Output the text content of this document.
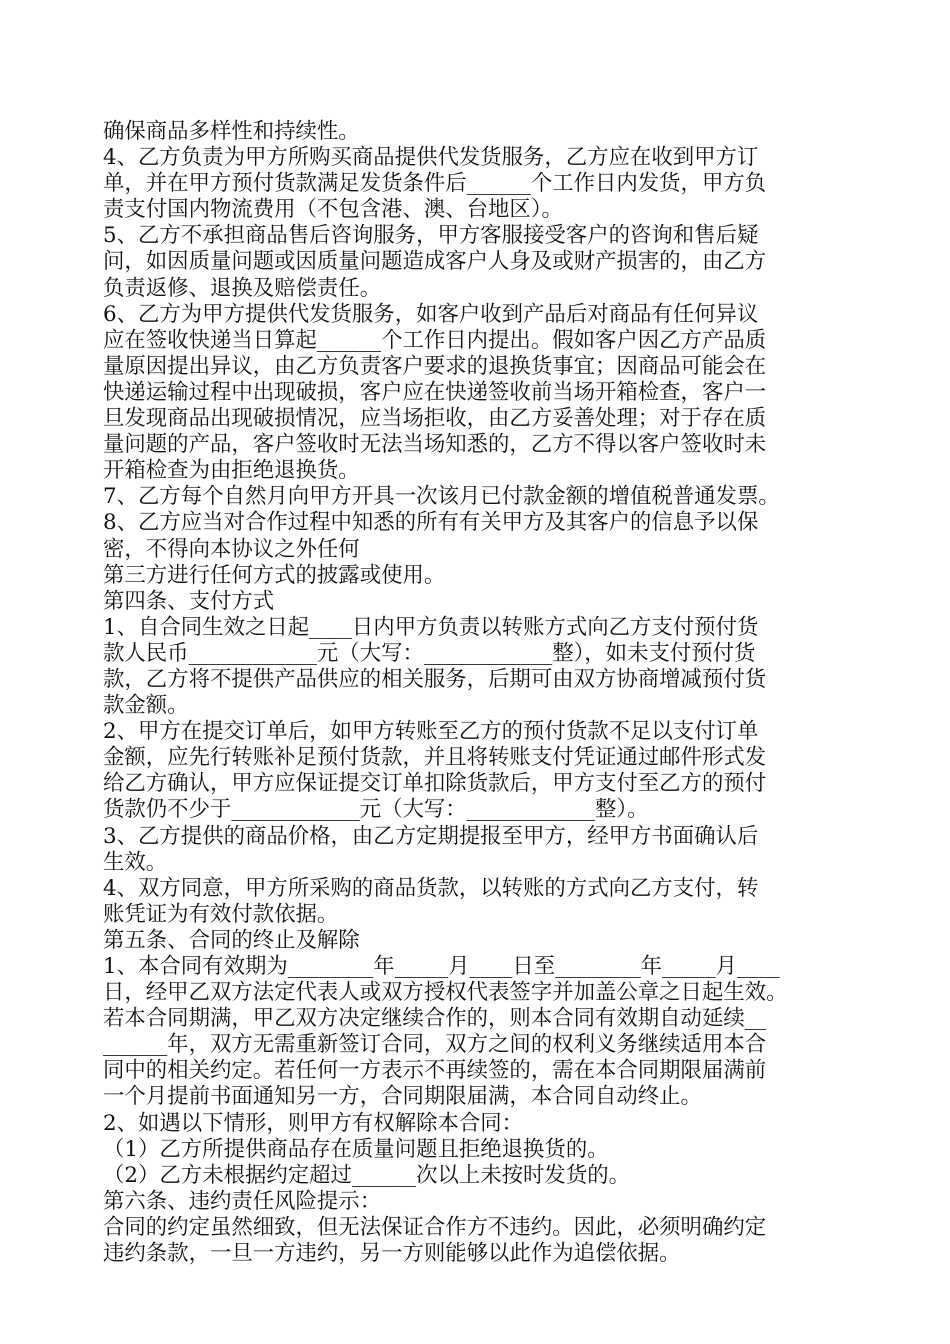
确保商品多样性和持续性。
4、乙方负责为甲方所购买商品提供代发货服务，乙方应在收到甲方订
单，并在甲方预付货款满足发货条件后______个工作日内发货，甲方负
责支付国内物流费用（不包含港、澳、台地区）。
5、乙方不承担商品售后咨询服务，甲方客服接受客户的咨询和售后疑
问，如因质量问题或因质量问题造成客户人身及或财产损害的，由乙方
负责返修、退换及赔偿责任。
6、乙方为甲方提供代发货服务，如客户收到产品后对商品有任何异议
应在签收快递当日算起______个工作日内提出。假如客户因乙方产品质
量原因提出异议，由乙方负责客户要求的退换货事宜；因商品可能会在
快递运输过程中出现破损，客户应在快递签收前当场开箱检查，客户一
旦发现商品出现破损情况，应当场拒收，由乙方妥善处理；对于存在质
量问题的产品，客户签收时无法当场知悉的，乙方不得以客户签收时未
开箱检查为由拒绝退换货。
7、乙方每个自然月向甲方开具一次该月已付款金额的增值税普通发票。
8、乙方应当对合作过程中知悉的所有有关甲方及其客户的信息予以保
密，不得向本协议之外任何
第三方进行任何方式的披露或使用。
第四条、支付方式
1、自合同生效之日起____日内甲方负责以转账方式向乙方支付预付货
款人民币____________元（大写：____________整），如未支付预付货
款，乙方将不提供产品供应的相关服务，后期可由双方协商增减预付货
款金额。
2、甲方在提交订单后，如甲方转账至乙方的预付货款不足以支付订单
金额，应先行转账补足预付货款，并且将转账支付凭证通过邮件形式发
给乙方确认，甲方应保证提交订单扣除货款后，甲方支付至乙方的预付
货款仍不少于____________元（大写：____________整）。
3、乙方提供的商品价格，由乙方定期提报至甲方，经甲方书面确认后
生效。
4、双方同意，甲方所采购的商品货款，以转账的方式向乙方支付，转
账凭证为有效付款依据。
第五条、合同的终止及解除
1、本合同有效期为________年_____月____日至________年_____月____
日，经甲乙双方法定代表人或双方授权代表签字并加盖公章之日起生效。
若本合同期满，甲乙双方决定继续合作的，则本合同有效期自动延续__
______年，双方无需重新签订合同，双方之间的权利义务继续适用本合
同中的相关约定。若任何一方表示不再续签的，需在本合同期限届满前
一个月提前书面通知另一方，合同期限届满，本合同自动终止。
2、如遇以下情形，则甲方有权解除本合同：
（1）乙方所提供商品存在质量问题且拒绝退换货的。
（2）乙方未根据约定超过______次以上未按时发货的。
第六条、违约责任风险提示：
合同的约定虽然细致，但无法保证合作方不违约。因此，必须明确约定
违约条款，一旦一方违约，另一方则能够以此作为追偿依据。
